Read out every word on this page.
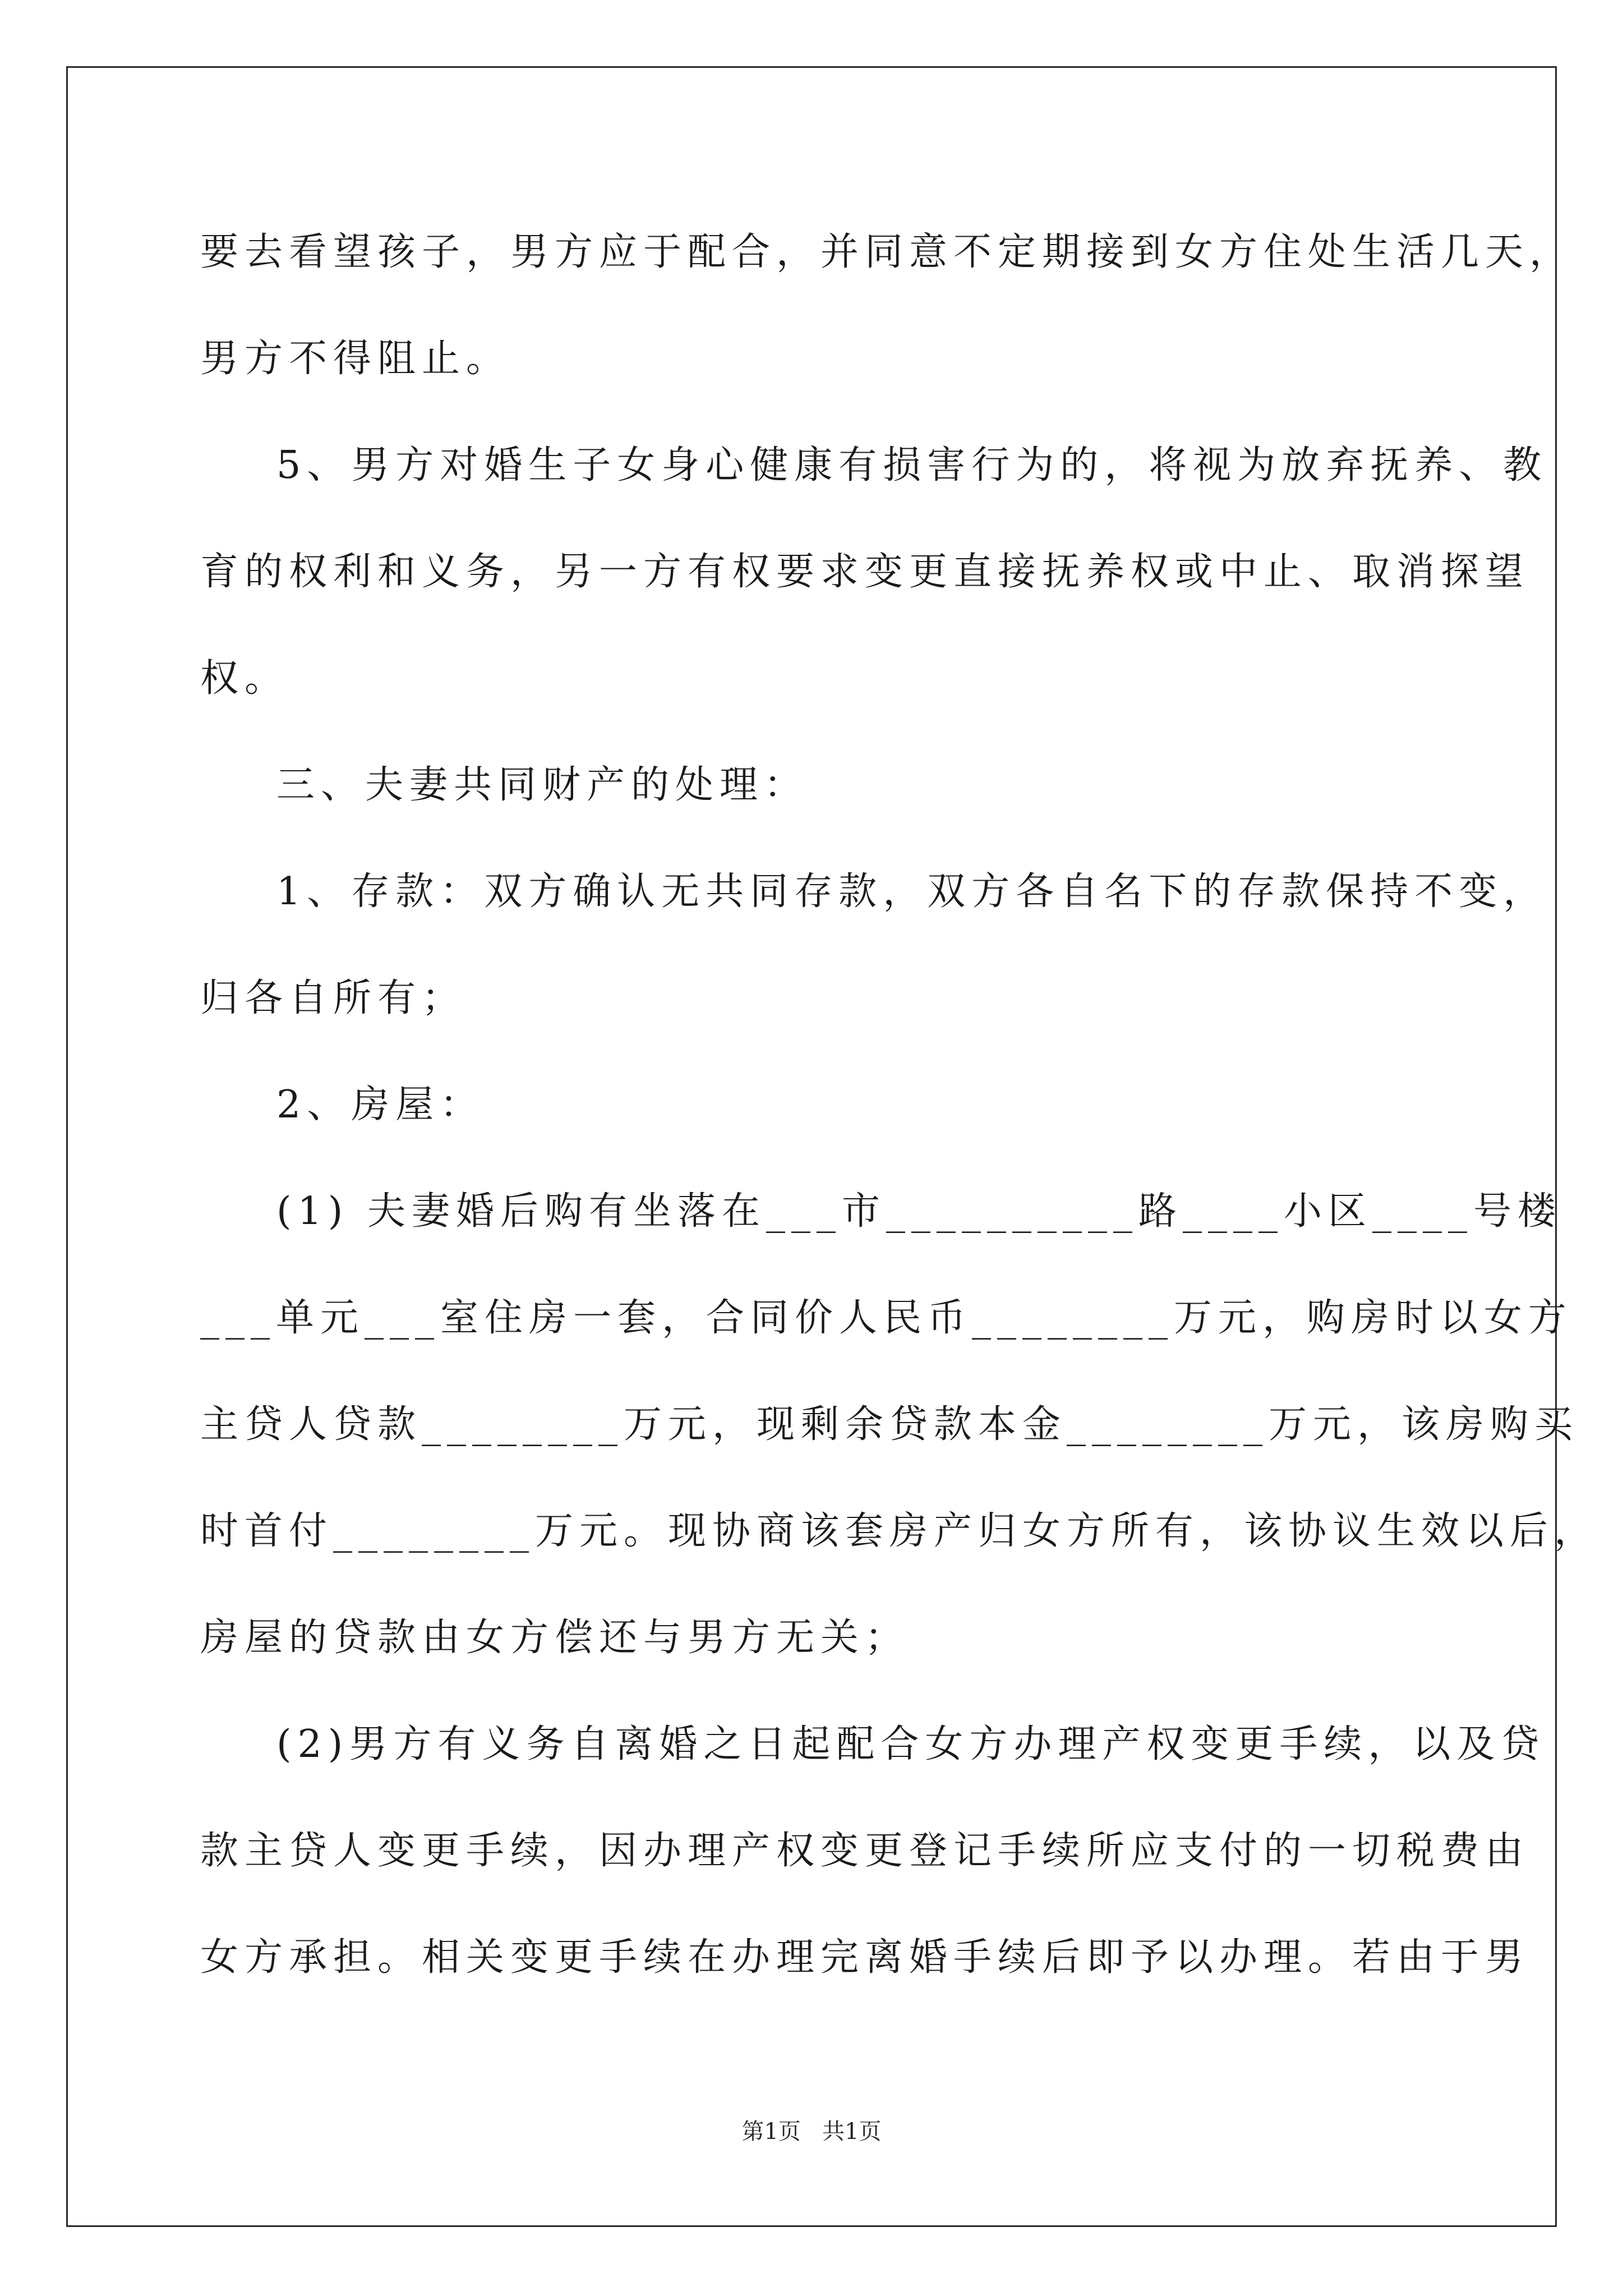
要去看望孩子，男方应于配合，并同意不定期接到女方住处生活几天，
男方不得阻止。
5、男方对婚生子女身心健康有损害行为的，将视为放弃抚养、教
育的权利和义务，另一方有权要求变更直接抚养权或中止、取消探望
权。
三、夫妻共同财产的处理：
1、存款：双方确认无共同存款，双方各自名下的存款保持不变，
归各自所有；
2、房屋：
(1) 夫妻婚后购有坐落在___市__________路____小区____号楼
___单元___室住房一套，合同价人民币________万元，购房时以女方
主贷人贷款________万元，现剩余贷款本金________万元，该房购买
时首付________万元。现协商该套房产归女方所有，该协议生效以后，
房屋的贷款由女方偿还与男方无关；
(2)男方有义务自离婚之日起配合女方办理产权变更手续，以及贷
款主贷人变更手续，因办理产权变更登记手续所应支付的一切税费由
女方承担。相关变更手续在办理完离婚手续后即予以办理。若由于男
第1页   共1页
